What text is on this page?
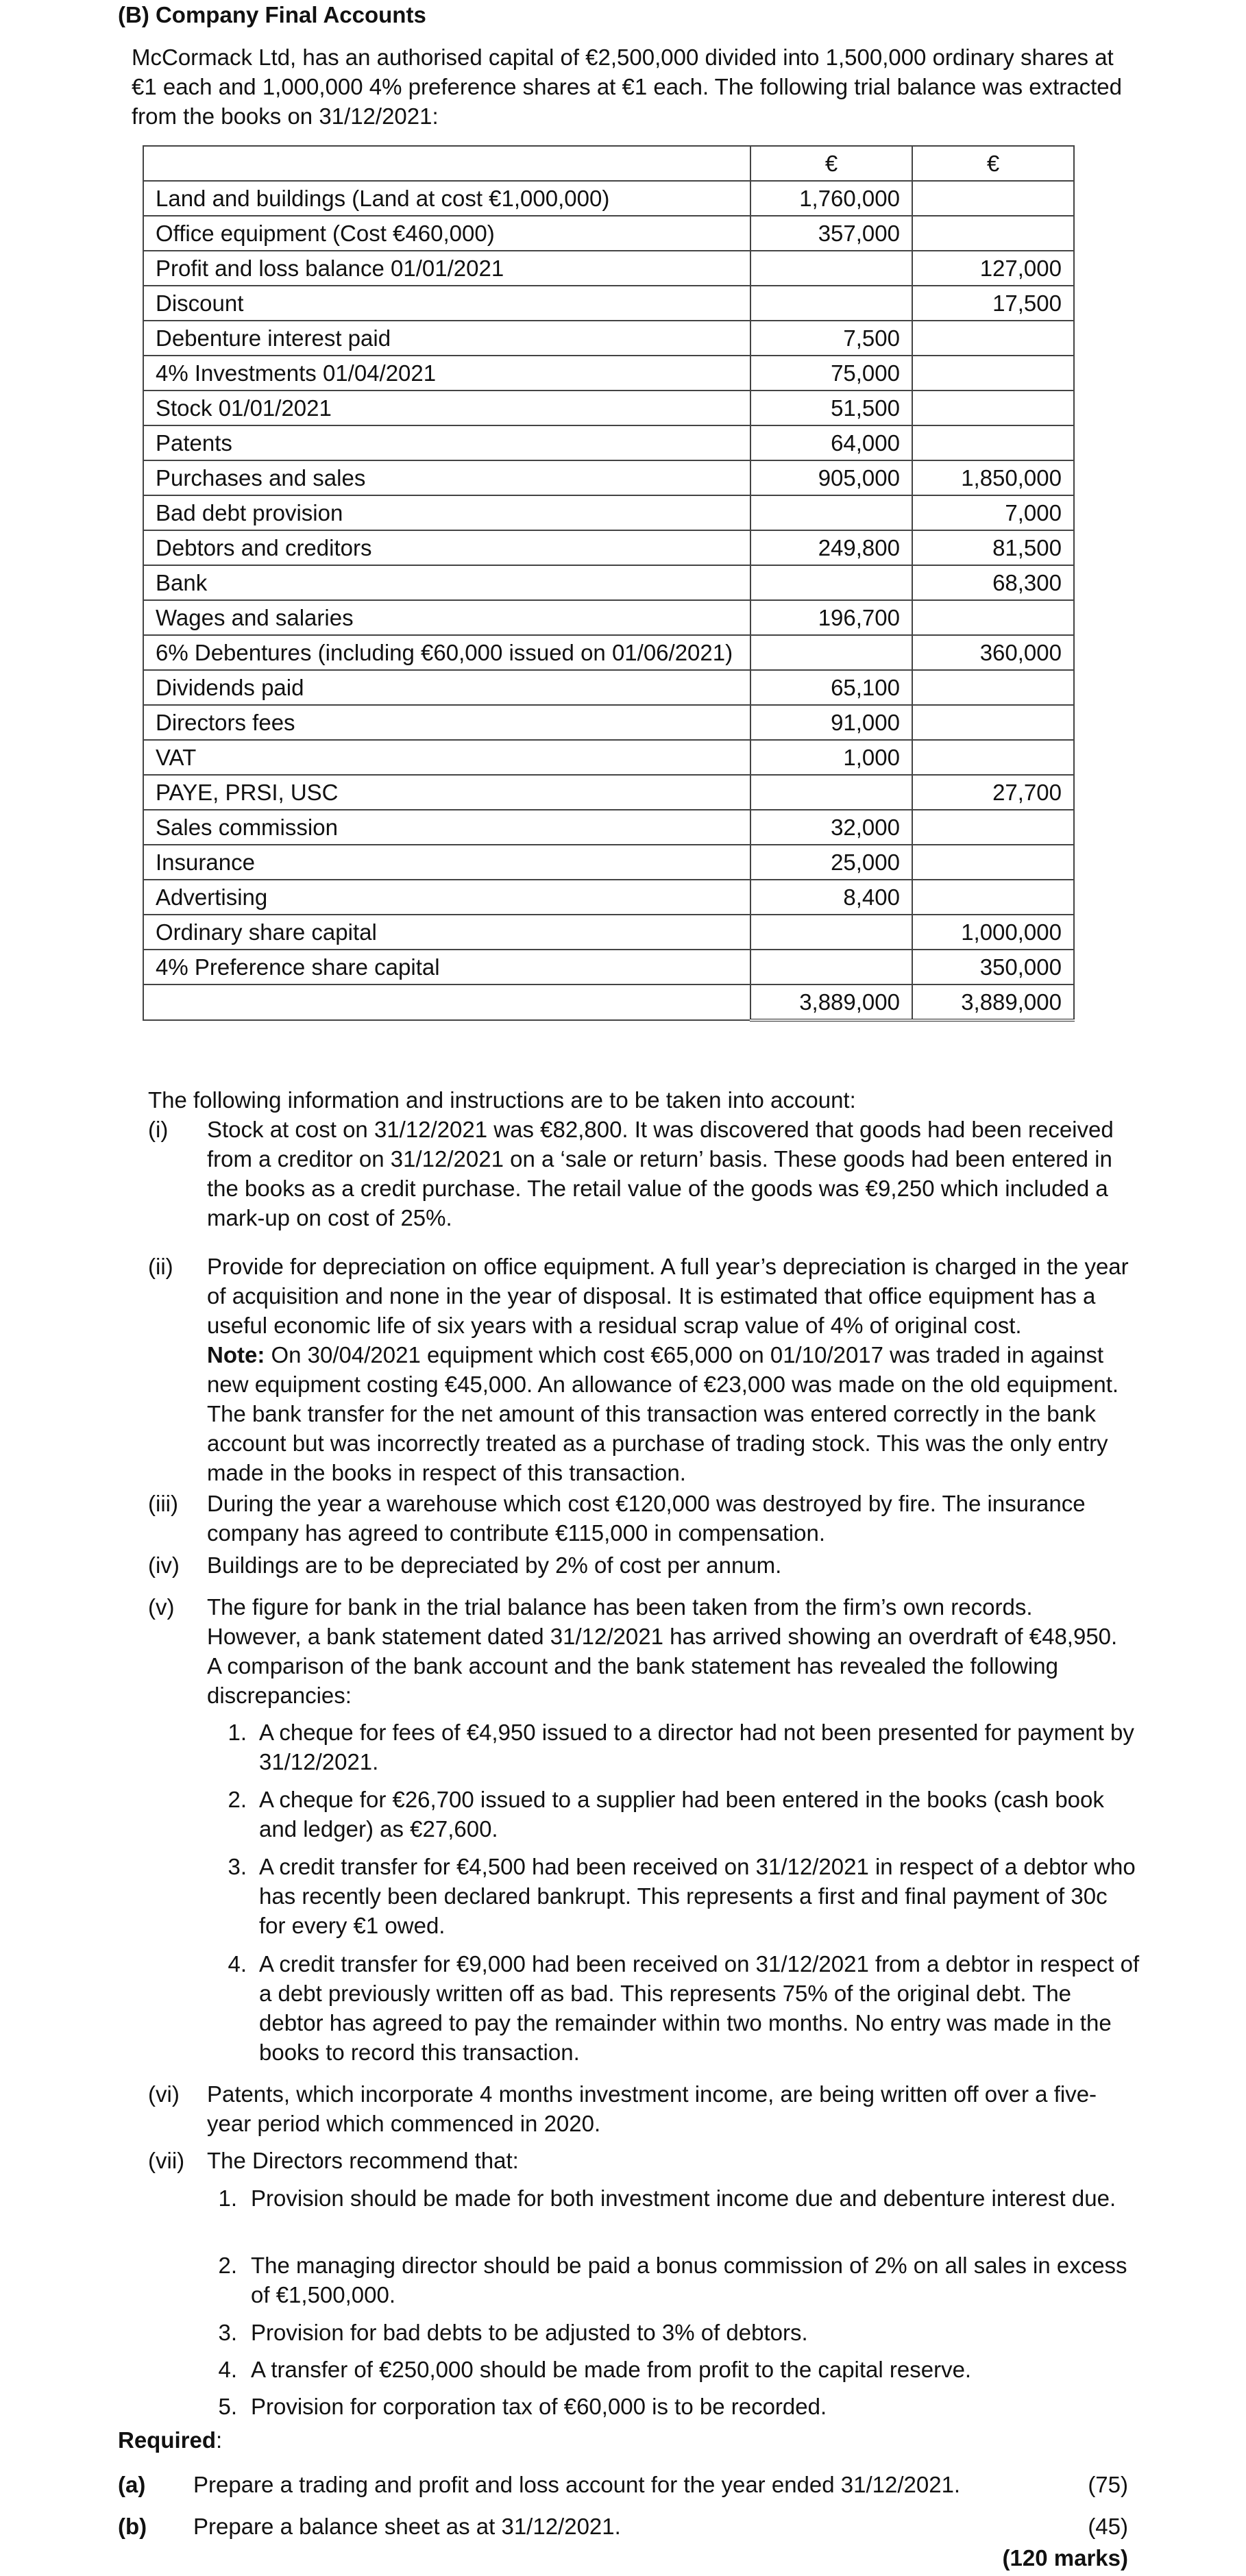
(B) Company Final Accounts
McCormack Ltd, has an authorised capital of €2,500,000 divided into 1,500,000 ordinary shares at €1 each and 1,000,000 4% preference shares at €1 each. The following trial balance was extracted from the books on 31/12/2021:
	€	€
Land and buildings (Land at cost €1,000,000)	1,760,000	
Office equipment (Cost €460,000)	357,000	
Profit and loss balance 01/01/2021		127,000
Discount		17,500
Debenture interest paid	7,500	
4% Investments 01/04/2021	75,000	
Stock 01/01/2021	51,500	
Patents	64,000	
Purchases and sales	905,000	1,850,000
Bad debt provision		7,000
Debtors and creditors	249,800	81,500
Bank		68,300
Wages and salaries	196,700	
6% Debentures (including €60,000 issued on 01/06/2021)		360,000
Dividends paid	65,100	
Directors fees	91,000	
VAT	1,000	
PAYE, PRSI, USC		27,700
Sales commission	32,000	
Insurance	25,000	
Advertising	8,400	
Ordinary share capital		1,000,000
4% Preference share capital		350,000
	3,889,000	3,889,000
The following information and instructions are to be taken into account:
(i)	Stock at cost on 31/12/2021 was €82,800. It was discovered that goods had been received from a creditor on 31/12/2021 on a ‘sale or return’ basis. These goods had been entered in the books as a credit purchase. The retail value of the goods was €9,250 which included a mark-up on cost of 25%.
(ii)	Provide for depreciation on office equipment. A full year’s depreciation is charged in the year of acquisition and none in the year of disposal. It is estimated that office equipment has a useful economic life of six years with a residual scrap value of 4% of original cost.
Note: On 30/04/2021 equipment which cost €65,000 on 01/10/2017 was traded in against new equipment costing €45,000. An allowance of €23,000 was made on the old equipment. The bank transfer for the net amount of this transaction was entered correctly in the bank account but was incorrectly treated as a purchase of trading stock. This was the only entry made in the books in respect of this transaction.
(iii)	During the year a warehouse which cost €120,000 was destroyed by fire. The insurance company has agreed to contribute €115,000 in compensation.
(iv)	Buildings are to be depreciated by 2% of cost per annum.
(v)	The figure for bank in the trial balance has been taken from the firm’s own records. However, a bank statement dated 31/12/2021 has arrived showing an overdraft of €48,950. A comparison of the bank account and the bank statement has revealed the following discrepancies:
1. A cheque for fees of €4,950 issued to a director had not been presented for payment by 31/12/2021.
2. A cheque for €26,700 issued to a supplier had been entered in the books (cash book and ledger) as €27,600.
3. A credit transfer for €4,500 had been received on 31/12/2021 in respect of a debtor who has recently been declared bankrupt. This represents a first and final payment of 30c for every €1 owed.
4. A credit transfer for €9,000 had been received on 31/12/2021 from a debtor in respect of a debt previously written off as bad. This represents 75% of the original debt. The debtor has agreed to pay the remainder within two months. No entry was made in the books to record this transaction.
(vi)	Patents, which incorporate 4 months investment income, are being written off over a five-year period which commenced in 2020.
(vii) The Directors recommend that:
1. Provision should be made for both investment income due and debenture interest due.
2. The managing director should be paid a bonus commission of 2% on all sales in excess of €1,500,000.
3. Provision for bad debts to be adjusted to 3% of debtors.
4. A transfer of €250,000 should be made from profit to the capital reserve.
5. Provision for corporation tax of €60,000 is to be recorded.
Required:
(a) Prepare a trading and profit and loss account for the year ended 31/12/2021.	(75)
(b) Prepare a balance sheet as at 31/12/2021.	(45)
(120 marks)
